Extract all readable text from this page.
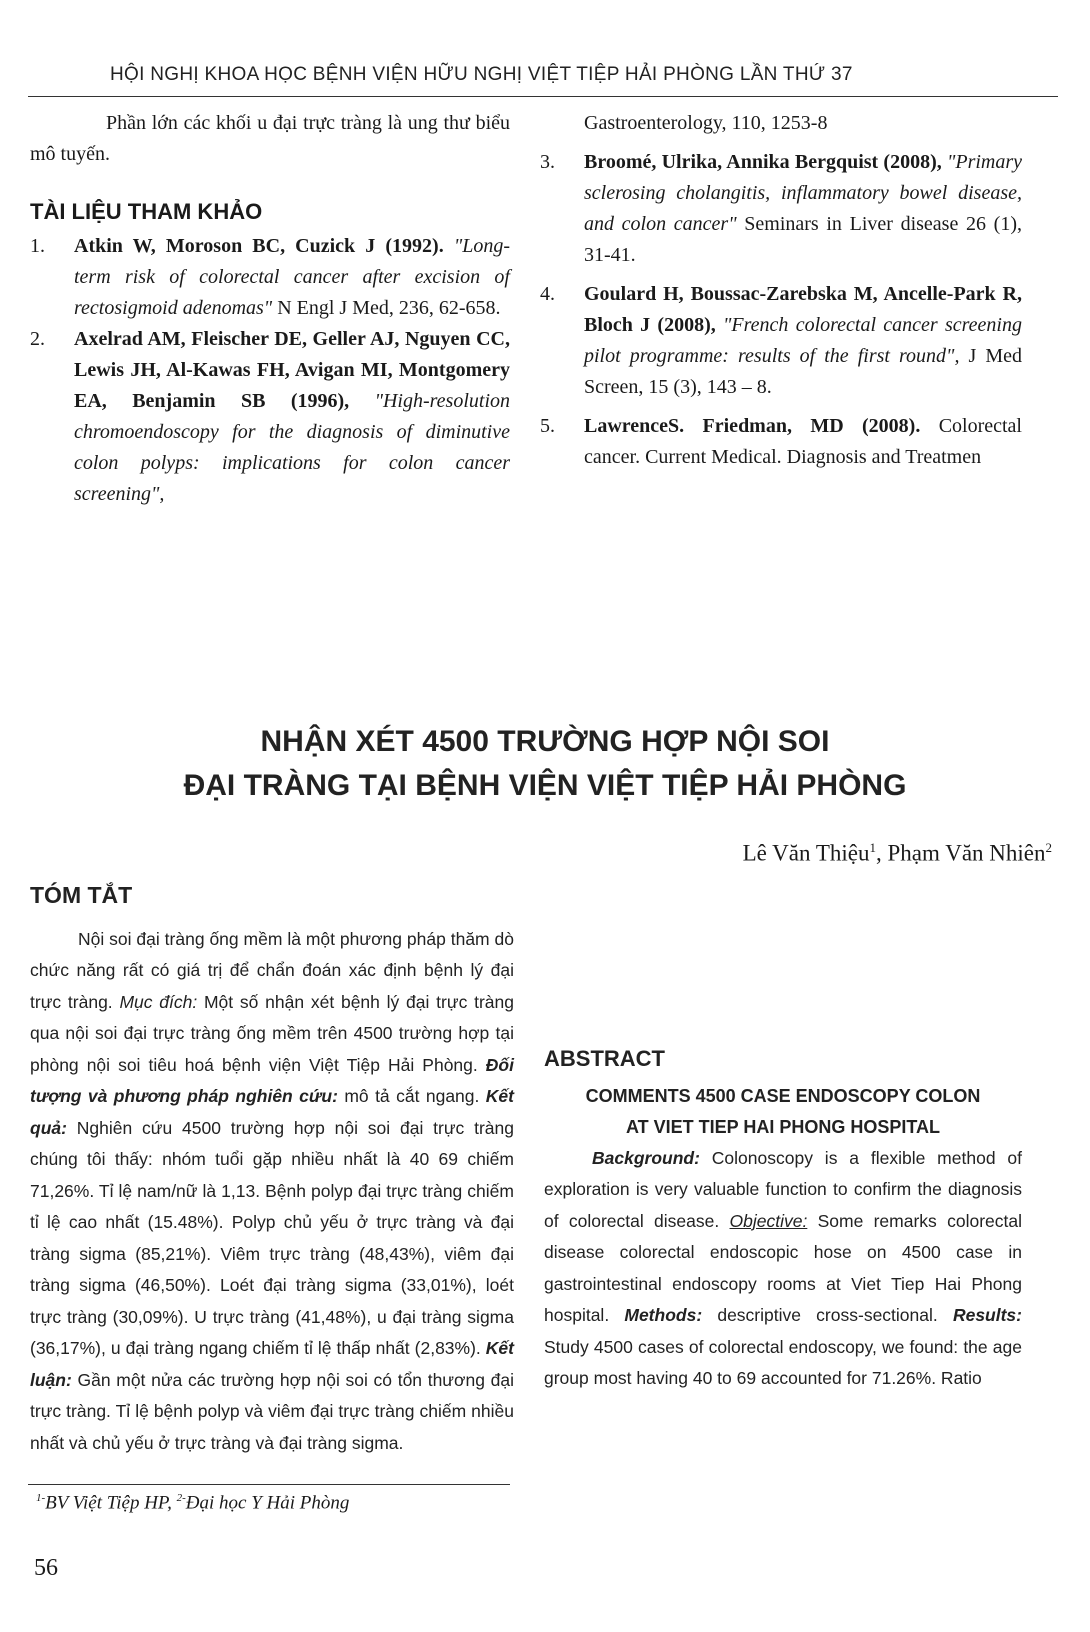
HỘI NGHỊ KHOA HỌC BỆNH VIỆN HỮU NGHỊ VIỆT TIỆP HẢI PHÒNG LẦN THỨ 37

Phần lớn các khối u đại trực tràng là ung thư biểu mô tuyến.

TÀI LIỆU THAM KHẢO

1. Atkin W, Moroson BC, Cuzick J (1992). "Long-term risk of colorectal cancer after excision of rectosigmoid adenomas" N Engl J Med, 236, 62-658.
2. Axelrad AM, Fleischer DE, Geller AJ, Nguyen CC, Lewis JH, Al-Kawas FH, Avigan MI, Montgomery EA, Benjamin SB (1996), "High-resolution chromoendoscopy for the diagnosis of diminutive colon polyps: implications for colon cancer screening",
Gastroenterology, 110, 1253-8
3. Broomé, Ulrika, Annika Bergquist (2008), "Primary sclerosing cholangitis, inflammatory bowel disease, and colon cancer" Seminars in Liver disease 26 (1), 31-41.
4. Goulard H, Boussac-Zarebska M, Ancelle-Park R, Bloch J (2008), "French colorectal cancer screening pilot programme: results of the first round", J Med Screen, 15 (3), 143 – 8.
5. LawrenceS. Friedman, MD (2008). Colorectal cancer. Current Medical. Diagnosis and Treatmen
NHẬN XÉT 4500 TRƯỜNG HỢP NỘI SOI
ĐẠI TRÀNG TẠI BỆNH VIỆN VIỆT TIỆP HẢI PHÒNG
Lê Văn Thiệu$^1$, Phạm Văn Nhiên$^2$

TÓM TẮT

Nội soi đại tràng ống mềm là một phương pháp thăm dò chức năng rất có giá trị để chẩn đoán xác định bệnh lý đại trực tràng. Mục đích: Một số nhận xét bệnh lý đại trực tràng qua nội soi đại trực tràng ống mềm trên 4500 trường hợp tại phòng nội soi tiêu hoá bệnh viện Việt Tiệp Hải Phòng. Đối tượng và phương pháp nghiên cứu: mô tả cắt ngang. Kết quả: Nghiên cứu 4500 trường hợp nội soi đại trực tràng chúng tôi thấy: nhóm tuổi gặp nhiều nhất là 40 69 chiếm 71,26%. Tỉ lệ nam/nữ là 1,13. Bệnh polyp đại trực tràng chiếm tỉ lệ cao nhất (15.48%). Polyp chủ yếu ở trực tràng và đại tràng sigma (85,21%). Viêm trực tràng (48,43%), viêm đại tràng sigma (46,50%). Loét đại tràng sigma (33,01%), loét trực tràng (30,09%). U trực tràng (41,48%), u đại tràng sigma (36,17%), u đại tràng ngang chiếm tỉ lệ thấp nhất (2,83%). Kết luận: Gần một nửa các trường hợp nội soi có tổn thương đại trực tràng. Tỉ lệ bệnh polyp và viêm đại trực tràng chiếm nhiều nhất và chủ yếu ở trực tràng và đại tràng sigma.

ABSTRACT

COMMENTS 4500 CASE ENDOSCOPY COLON

AT VIET TIEP HAI PHONG HOSPITAL

Background: Colonoscopy is a flexible method of exploration is very valuable function to confirm the diagnosis of colorectal disease. Objective: Some remarks colorectal disease colorectal endoscopic hose on 4500 case in gastrointestinal endoscopy rooms at Viet Tiep Hai Phong hospital. Methods: descriptive cross-sectional. Results: Study 4500 cases of colorectal endoscopy, we found: the age group most having 40 to 69 accounted for 71.26%. Ratio

$^{1-}$BV Việt Tiệp HP, $^{2-}$Đại học Y Hải Phòng
56
